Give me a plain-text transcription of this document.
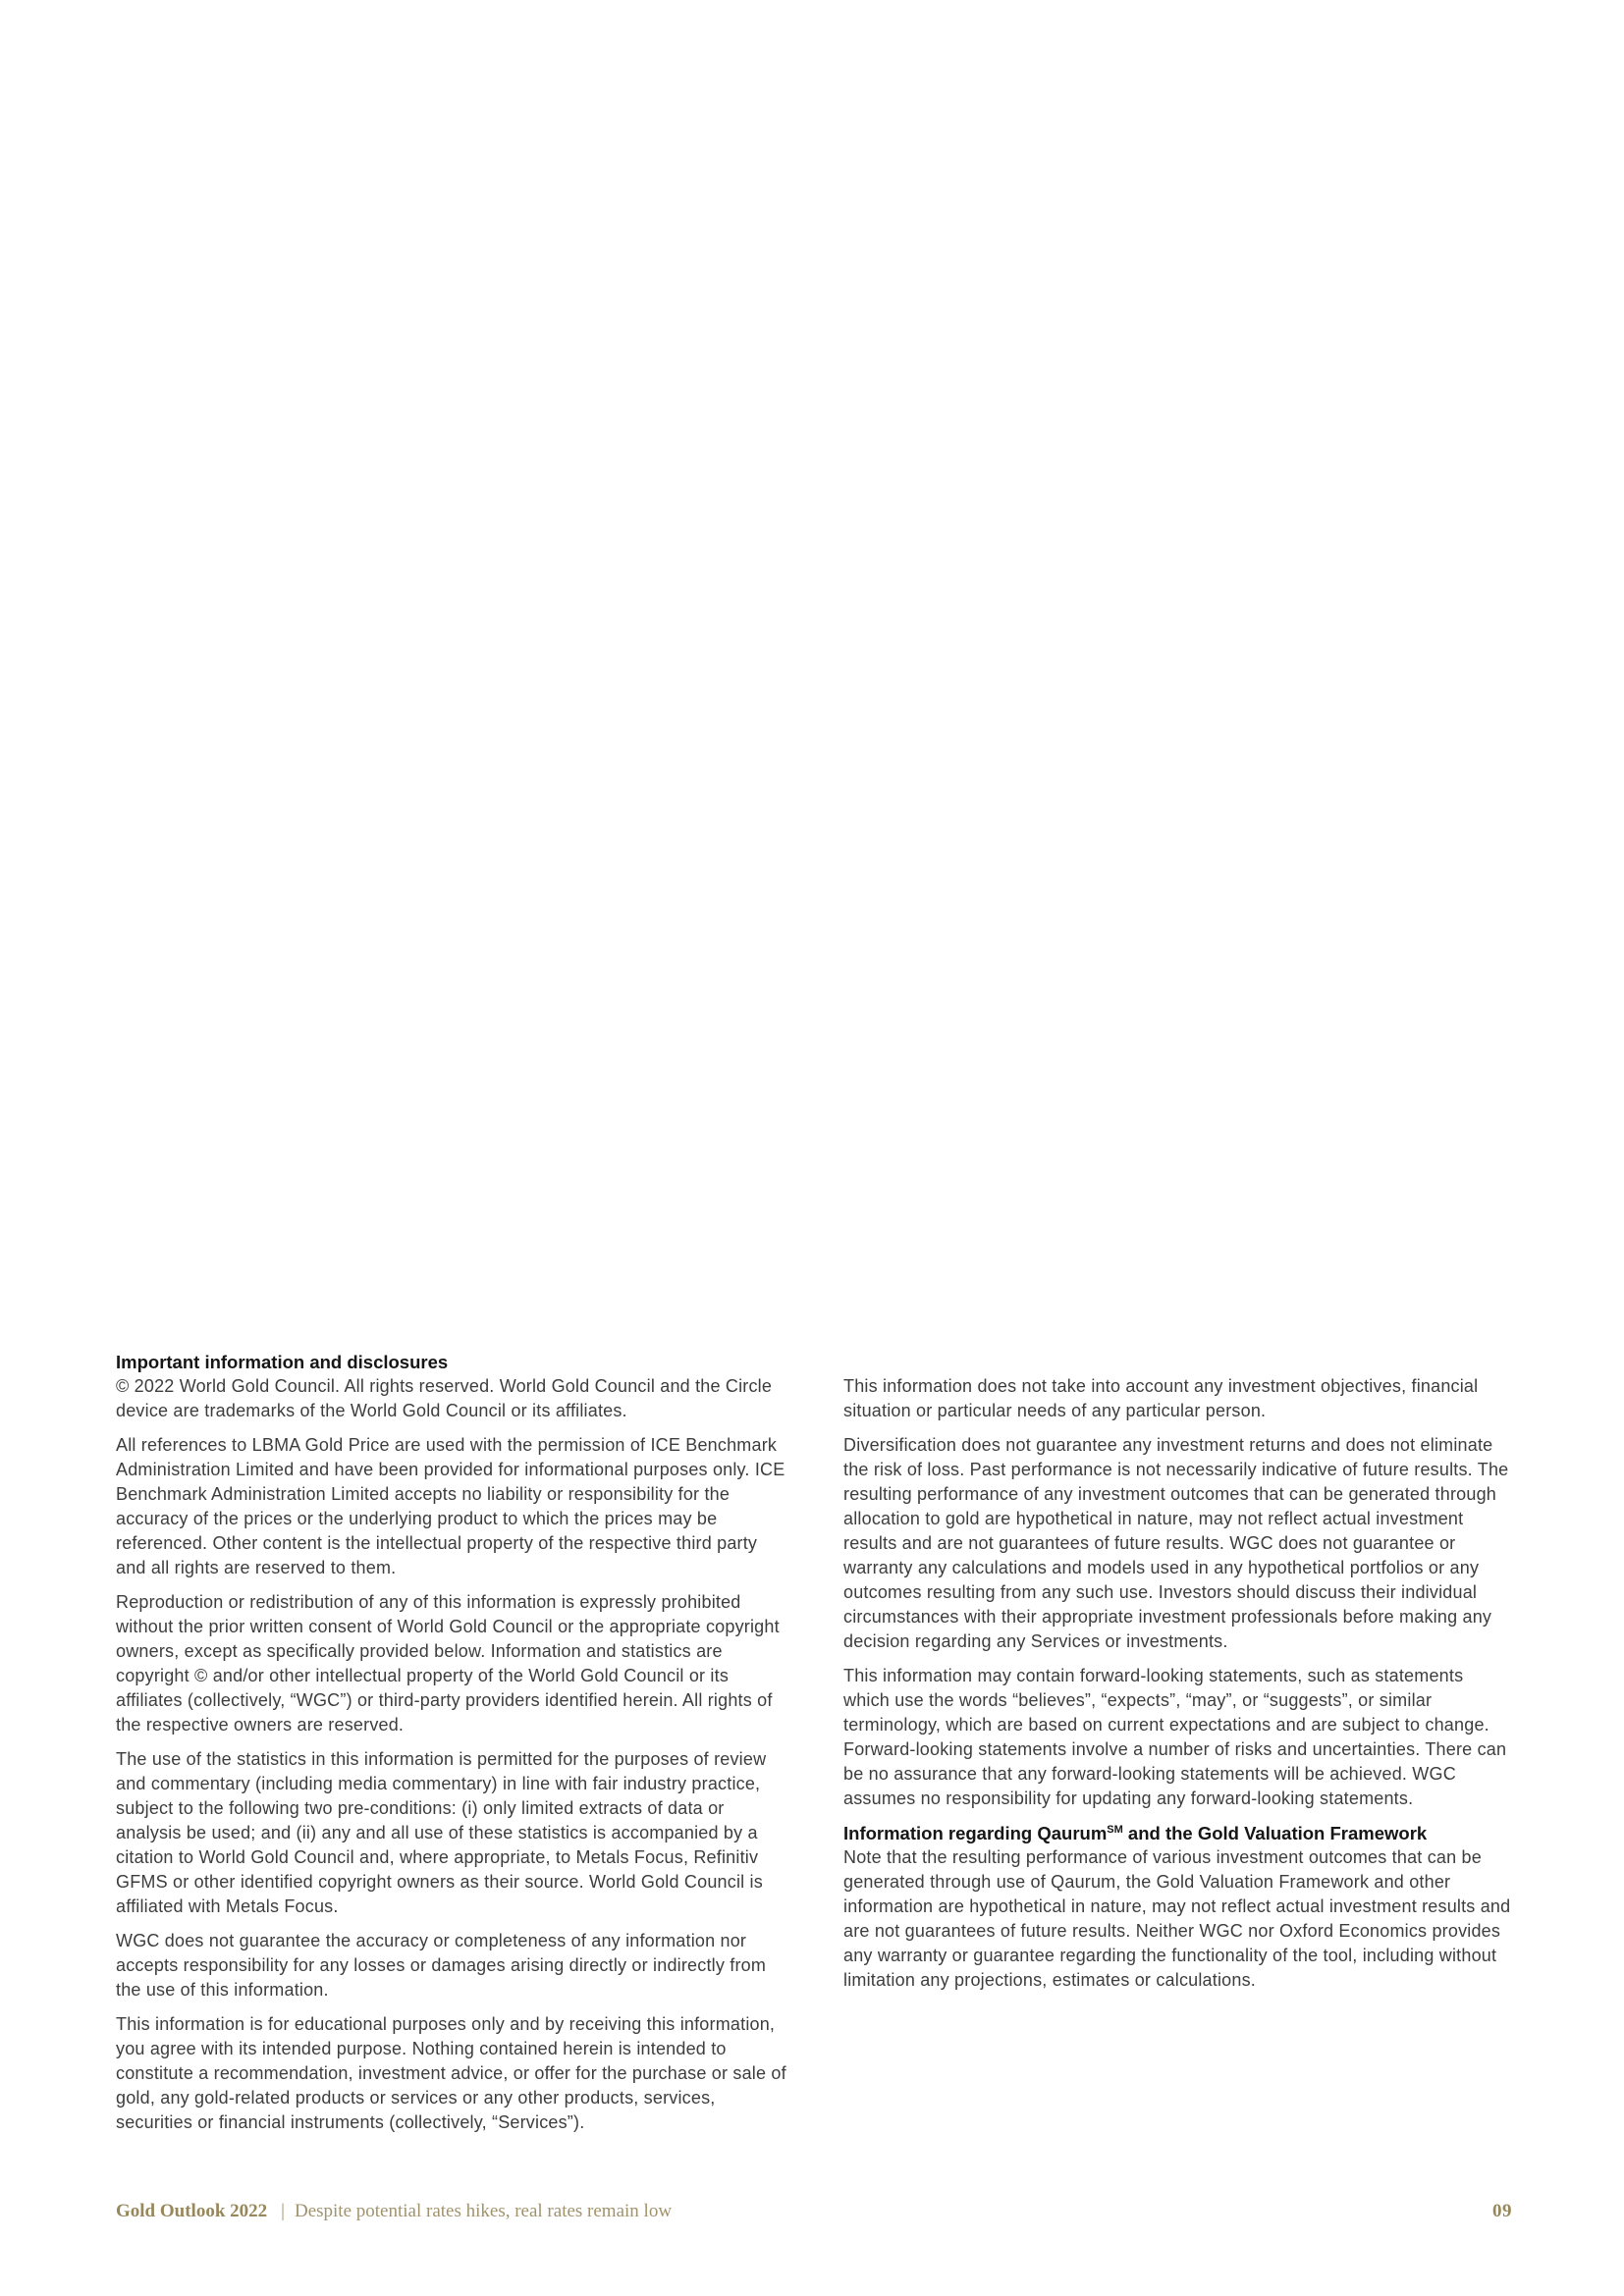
Important information and disclosures

© 2022 World Gold Council. All rights reserved. World Gold Council and the Circle device are trademarks of the World Gold Council or its affiliates.

All references to LBMA Gold Price are used with the permission of ICE Benchmark Administration Limited and have been provided for informational purposes only. ICE Benchmark Administration Limited accepts no liability or responsibility for the accuracy of the prices or the underlying product to which the prices may be referenced. Other content is the intellectual property of the respective third party and all rights are reserved to them.

Reproduction or redistribution of any of this information is expressly prohibited without the prior written consent of World Gold Council or the appropriate copyright owners, except as specifically provided below. Information and statistics are copyright © and/or other intellectual property of the World Gold Council or its affiliates (collectively, “WGC”) or third-party providers identified herein. All rights of the respective owners are reserved.

The use of the statistics in this information is permitted for the purposes of review and commentary (including media commentary) in line with fair industry practice, subject to the following two pre-conditions: (i) only limited extracts of data or analysis be used; and (ii) any and all use of these statistics is accompanied by a citation to World Gold Council and, where appropriate, to Metals Focus, Refinitiv GFMS or other identified copyright owners as their source. World Gold Council is affiliated with Metals Focus.

WGC does not guarantee the accuracy or completeness of any information nor accepts responsibility for any losses or damages arising directly or indirectly from the use of this information.

This information is for educational purposes only and by receiving this information, you agree with its intended purpose. Nothing contained herein is intended to constitute a recommendation, investment advice, or offer for the purchase or sale of gold, any gold-related products or services or any other products, services, securities or financial instruments (collectively, “Services”).

This information does not take into account any investment objectives, financial situation or particular needs of any particular person.

Diversification does not guarantee any investment returns and does not eliminate the risk of loss. Past performance is not necessarily indicative of future results. The resulting performance of any investment outcomes that can be generated through allocation to gold are hypothetical in nature, may not reflect actual investment results and are not guarantees of future results. WGC does not guarantee or warranty any calculations and models used in any hypothetical portfolios or any outcomes resulting from any such use. Investors should discuss their individual circumstances with their appropriate investment professionals before making any decision regarding any Services or investments.

This information may contain forward-looking statements, such as statements which use the words “believes”, “expects”, “may”, or “suggests”, or similar terminology, which are based on current expectations and are subject to change. Forward-looking statements involve a number of risks and uncertainties. There can be no assurance that any forward-looking statements will be achieved. WGC assumes no responsibility for updating any forward-looking statements.

Information regarding Qaurum℠ and the Gold Valuation Framework

Note that the resulting performance of various investment outcomes that can be generated through use of Qaurum, the Gold Valuation Framework and other information are hypothetical in nature, may not reflect actual investment results and are not guarantees of future results. Neither WGC nor Oxford Economics provides any warranty or guarantee regarding the functionality of the tool, including without limitation any projections, estimates or calculations.

Gold Outlook 2022 | Despite potential rates hikes, real rates remain low	09
